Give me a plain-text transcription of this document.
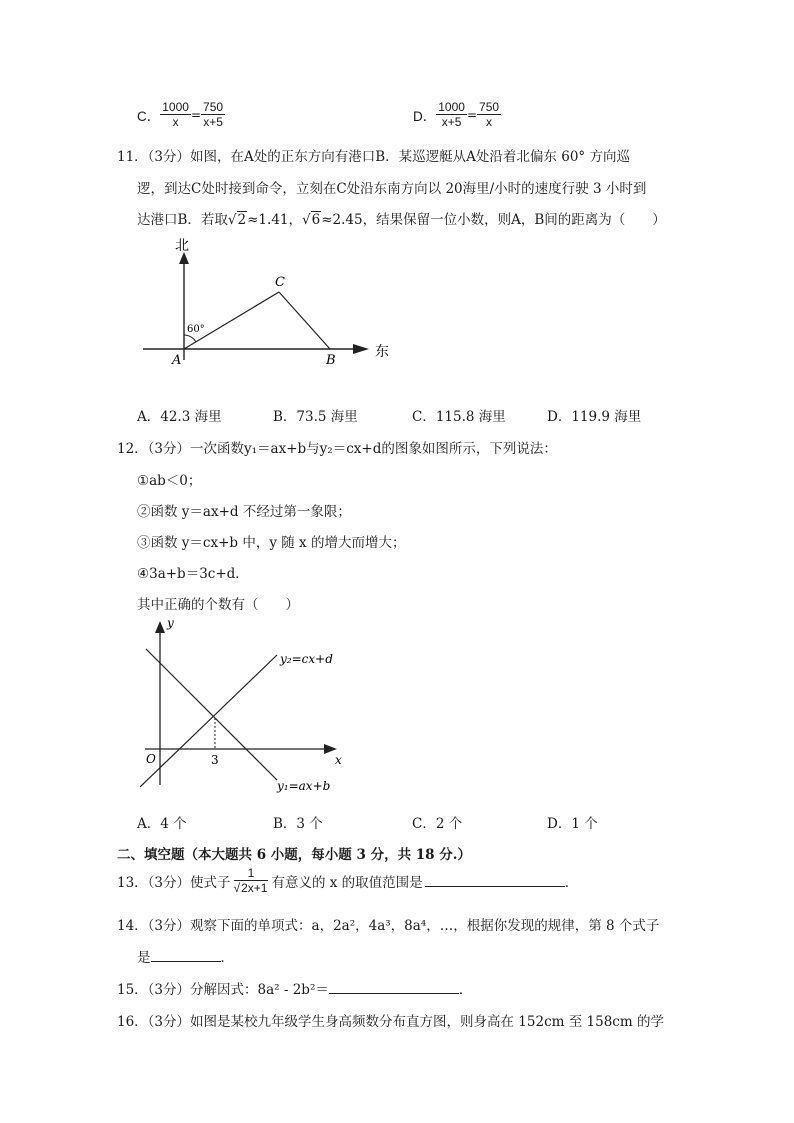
C． $\frac{1000}{x} = \frac{750}{x+5}$	D． $\frac{1000}{x+5} = \frac{750}{x}$
11．（3分）如图，在A处的正东方向有港口B．某巡逻艇从A处沿着北偏东 60° 方向巡
逻，到达C处时接到命令，立刻在C处沿东南方向以 20海里/小时的速度行驶 3 小时到
达港口B．若取√2≈1.41，√6≈2.45，结果保留一位小数，则A，B间的距离为（　　）
北
东
A	B
C
60°
A．42.3 海里	B．73.5 海里	C．115.8 海里	D．119.9 海里
12．（3分）一次函数y₁＝ax+b与y₂＝cx+d的图象如图所示，下列说法：
①ab＜0；
②函数 y＝ax+d 不经过第一象限；
③函数 y＝cx+b 中，y 随 x 的增大而增大；
④3a+b＝3c+d．
其中正确的个数有（　　）
y
x
O	3
y₂=cx+d
y₁=ax+b
A．4 个	B．3 个	C．2 个	D．1 个
二、填空题（本大题共 6 小题，每小题 3 分，共 18 分.）
13．（3分）使式子 $\frac{1}{√2x+1}$ 有意义的 x 的取值范围是	．
14．（3分）观察下面的单项式：a，2a²，4a³，8a⁴，…，根据你发现的规律，第 8 个式子
是	．
15．（3分）分解因式：8a² - 2b²＝	．
16．（3分）如图是某校九年级学生身高频数分布直方图，则身高在 152cm 至 158cm 的学
